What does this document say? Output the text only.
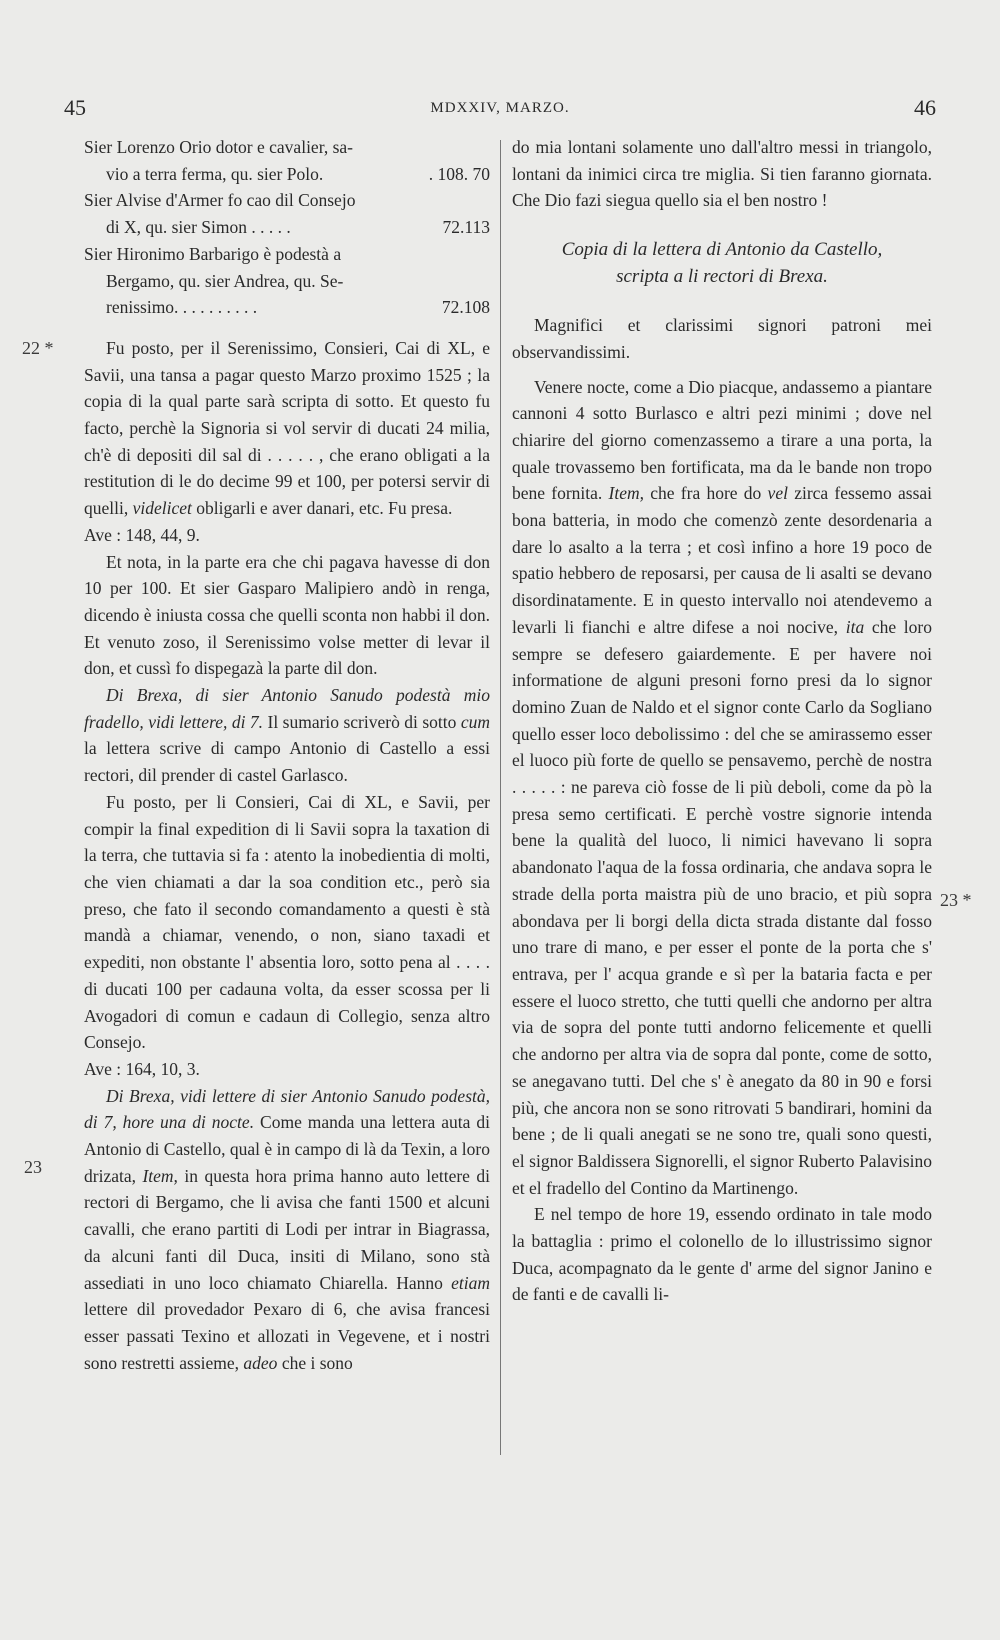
45	MDXXIV, MARZO.	46
22 *
23
23 *

Sier Lorenzo Orio dotor e cavalier, sa-

vio a terra ferma, qu. sier Polo.	. 108. 70

Sier Alvise d'Armer fo cao dil Consejo

di X, qu. sier Simon . . . . .	72.113

Sier Hironimo Barbarigo è podestà a

Bergamo, qu. sier Andrea, qu. Se-

renissimo. . . . . . . . . .	72.108

Fu posto, per il Serenissimo, Consieri, Cai di XL, e Savii, una tansa a pagar questo Marzo proximo 1525 ; la copia di la qual parte sarà scripta di sotto. Et questo fu facto, perchè la Signoria si vol servir di ducati 24 milia, ch'è di depositi dil sal di . . . . . , che erano obligati a la restitution di le do decime 99 et 100, per potersi servir di quelli, videlicet obligarli e aver danari, etc. Fu presa.

Ave : 148, 44, 9.

Et nota, in la parte era che chi pagava havesse di don 10 per 100. Et sier Gasparo Malipiero andò in renga, dicendo è iniusta cossa che quelli sconta non habbi il don. Et venuto zoso, il Serenissimo volse metter di levar il don, et cussì fo dispegazà la parte dil don.

Di Brexa, di sier Antonio Sanudo podestà mio fradello, vidi lettere, di 7. Il sumario scriverò di sotto cum la lettera scrive di campo Antonio di Castello a essi rectori, dil prender di castel Garlasco.

Fu posto, per li Consieri, Cai di XL, e Savii, per compir la final expedition di li Savii sopra la taxation di la terra, che tuttavia si fa : atento la inobedientia di molti, che vien chiamati a dar la soa condition etc., però sia preso, che fato il secondo comandamento a questi è stà mandà a chiamar, venendo, o non, siano taxadi et expediti, non obstante l' absentia loro, sotto pena al . . . . di ducati 100 per cadauna volta, da esser scossa per li Avogadori di comun e cadaun di Collegio, senza altro Consejo.

Ave : 164, 10, 3.

Di Brexa, vidi lettere di sier Antonio Sanudo podestà, di 7, hore una di nocte. Come manda una lettera auta di Antonio di Castello, qual è in campo di là da Texin, a loro drizata, Item, in questa hora prima hanno auto lettere di rectori di Bergamo, che li avisa che fanti 1500 et alcuni cavalli, che erano partiti di Lodi per intrar in Biagrassa, da alcuni fanti dil Duca, insiti di Milano, sono stà assediati in uno loco chiamato Chiarella. Hanno etiam lettere dil provedador Pexaro di 6, che avisa francesi esser passati Texino et allozati in Vegevene, et i nostri sono restretti assieme, adeo che i sono

do mia lontani solamente uno dall'altro messi in triangolo, lontani da inimici circa tre miglia. Si tien faranno giornata. Che Dio fazi siegua quello sia el ben nostro !

Copia di la lettera di Antonio da Castello,
scripta a li rectori di Brexa.

Magnifici et clarissimi signori patroni mei observandissimi.

Venere nocte, come a Dio piacque, andassemo a piantare cannoni 4 sotto Burlasco e altri pezi minimi ; dove nel chiarire del giorno comenzassemo a tirare a una porta, la quale trovassemo ben fortificata, ma da le bande non tropo bene fornita. Item, che fra hore do vel zirca fessemo assai bona batteria, in modo che comenzò zente desordenaria a dare lo asalto a la terra ; et così infino a hore 19 poco de spatio hebbero de reposarsi, per causa de li asalti se devano disordinatamente. E in questo intervallo noi atendevemo a levarli li fianchi e altre difese a noi nocive, ita che loro sempre se defesero gaiardemente. E per havere noi informatione de alguni presoni forno presi da lo signor domino Zuan de Naldo et el signor conte Carlo da Sogliano quello esser loco debolissimo : del che se amirassemo esser el luoco più forte de quello se pensavemo, perchè de nostra . . . . . : ne pareva ciò fosse de li più deboli, come da pò la presa semo certificati. E perchè vostre signorie intenda bene la qualità del luoco, li nimici havevano li sopra abandonato l'aqua de la fossa ordinaria, che andava sopra le strade della porta maistra più de uno bracio, et più sopra abondava per li borgi della dicta strada distante dal fosso uno trare di mano, e per esser el ponte de la porta che s' entrava, per l' acqua grande e sì per la bataria facta e per essere el luoco stretto, che tutti quelli che andorno per altra via de sopra del ponte tutti andorno felicemente et quelli che andorno per altra via de sopra dal ponte, come de sotto, se anegavano tutti. Del che s' è anegato da 80 in 90 e forsi più, che ancora non se sono ritrovati 5 bandirari, homini da bene ; de li quali anegati se ne sono tre, quali sono questi, el signor Baldissera Signorelli, el signor Ruberto Palavisino et el fradello del Contino da Martinengo.

E nel tempo de hore 19, essendo ordinato in tale modo la battaglia : primo el colonello de lo illustrissimo signor Duca, acompagnato da le gente d' arme del signor Janino e de fanti e de cavalli li-
